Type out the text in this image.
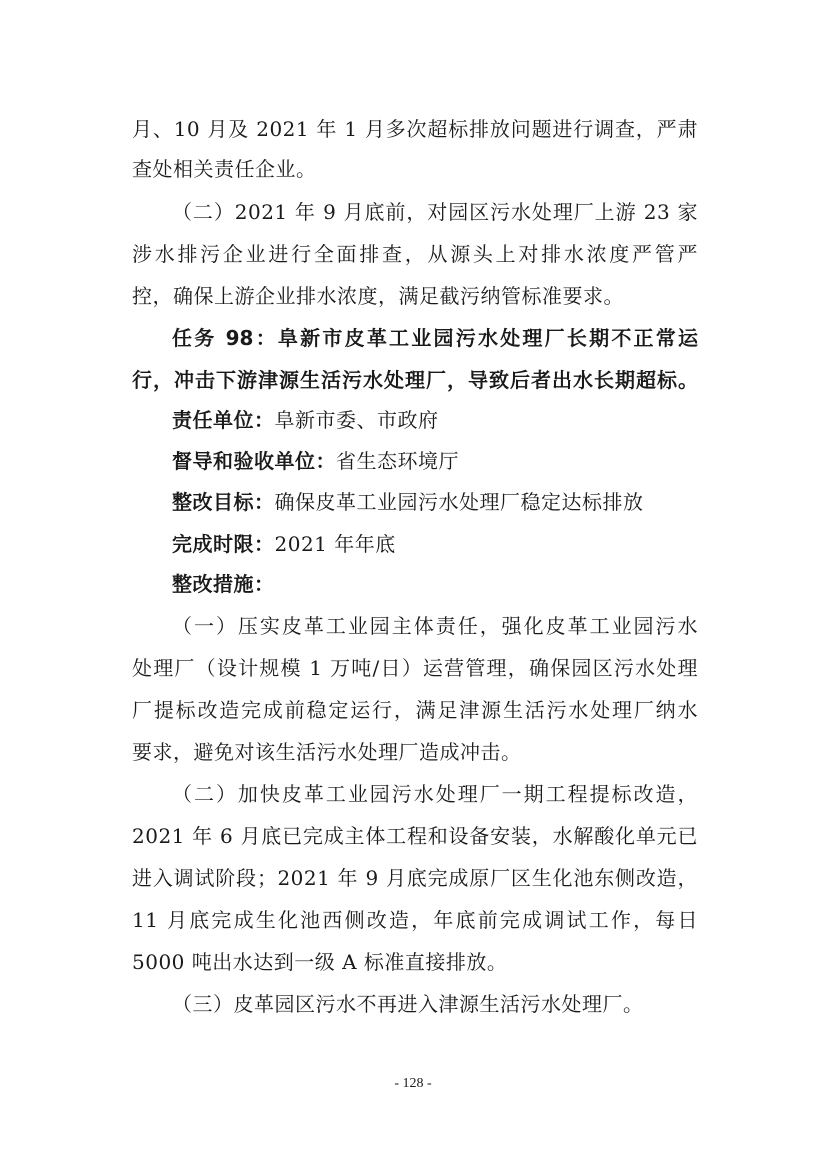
月、10 月及 2021 年 1 月多次超标排放问题进行调查，严肃
查处相关责任企业。
（二）2021 年 9 月底前，对园区污水处理厂上游 23 家
涉水排污企业进行全面排查，从源头上对排水浓度严管严
控，确保上游企业排水浓度，满足截污纳管标准要求。
任务 98：阜新市皮革工业园污水处理厂长期不正常运
行，冲击下游津源生活污水处理厂，导致后者出水长期超标。
责任单位：阜新市委、市政府
督导和验收单位：省生态环境厅
整改目标：确保皮革工业园污水处理厂稳定达标排放
完成时限：2021 年年底
整改措施：
（一）压实皮革工业园主体责任，强化皮革工业园污水
处理厂（设计规模 1 万吨/日）运营管理，确保园区污水处理
厂提标改造完成前稳定运行，满足津源生活污水处理厂纳水
要求，避免对该生活污水处理厂造成冲击。
（二）加快皮革工业园污水处理厂一期工程提标改造，
2021 年 6 月底已完成主体工程和设备安装，水解酸化单元已
进入调试阶段；2021 年 9 月底完成原厂区生化池东侧改造，
11 月底完成生化池西侧改造，年底前完成调试工作，每日
5000 吨出水达到一级 A 标准直接排放。
（三）皮革园区污水不再进入津源生活污水处理厂。
- 128 -
